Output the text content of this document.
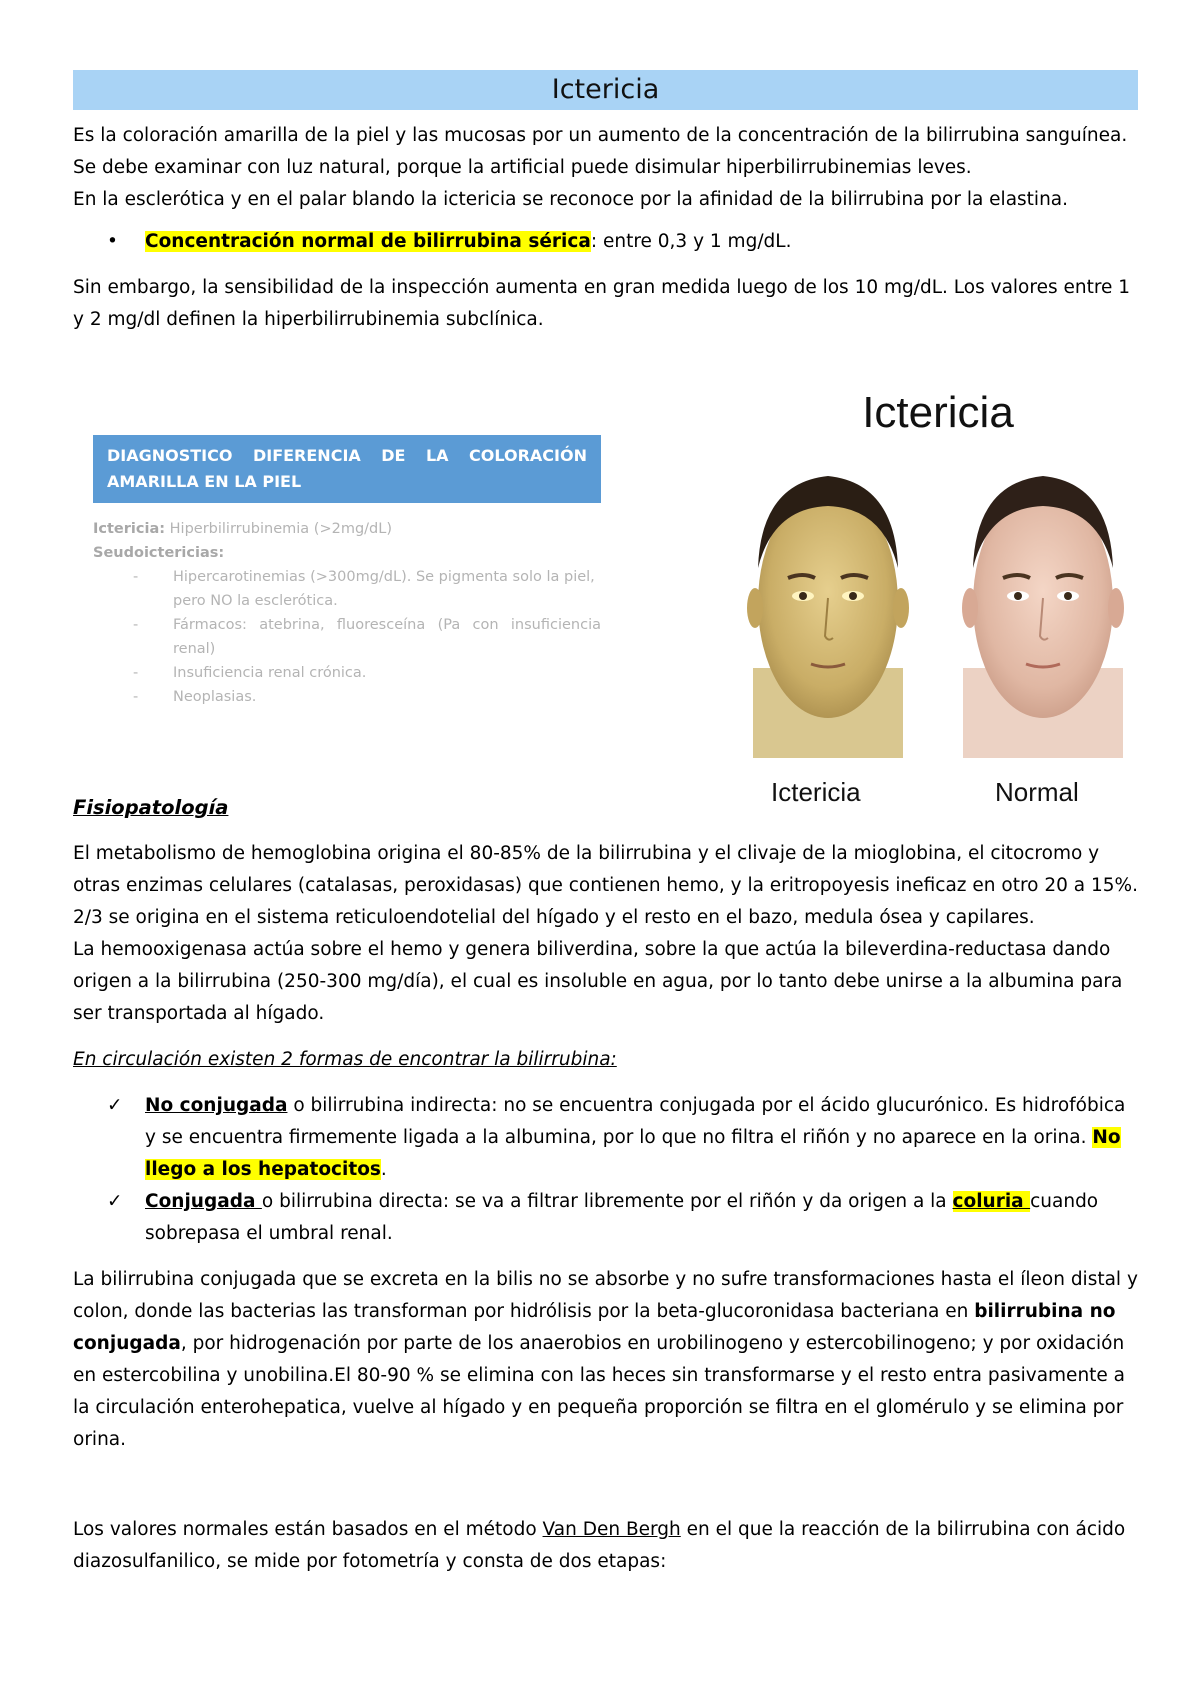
Ictericia

Es la coloración amarilla de la piel y las mucosas por un aumento de la concentración de la bilirrubina sanguínea. Se debe examinar con luz natural, porque la artificial puede disimular hiperbilirrubinemias leves.

En la esclerótica y en el palar blando la ictericia se reconoce por la afinidad de la bilirrubina por la elastina.

• Concentración normal de bilirrubina sérica: entre 0,3 y 1 mg/dL.

Sin embargo, la sensibilidad de la inspección aumenta en gran medida luego de los 10 mg/dL. Los valores entre 1 y 2 mg/dl definen la hiperbilirrubinemia subclínica.

DIAGNOSTICO DIFERENCIA DE LA COLORACIÓN AMARILLA EN LA PIEL
Ictericia: Hiperbilirrubinemia (>2mg/dL)
Seudoictericias:
- Hipercarotinemias (>300mg/dL). Se pigmenta solo la piel, pero NO la esclerótica.
- Fármacos: atebrina, fluoresceína (Pa con insuficiencia renal)
- Insuficiencia renal crónica.
- Neoplasias.
Ictericia
Ictericia	Normal

Fisiopatología

El metabolismo de hemoglobina origina el 80-85% de la bilirrubina y el clivaje de la mioglobina, el citocromo y otras enzimas celulares (catalasas, peroxidasas) que contienen hemo, y la eritropoyesis ineficaz en otro 20 a 15%. 2/3 se origina en el sistema reticuloendotelial del hígado y el resto en el bazo, medula ósea y capilares.

La hemooxigenasa actúa sobre el hemo y genera biliverdina, sobre la que actúa la bileverdina-reductasa dando origen a la bilirrubina (250-300 mg/día), el cual es insoluble en agua, por lo tanto debe unirse a la albumina para ser transportada al hígado.

En circulación existen 2 formas de encontrar la bilirrubina:

✓ No conjugada o bilirrubina indirecta: no se encuentra conjugada por el ácido glucurónico. Es hidrofóbica y se encuentra firmemente ligada a la albumina, por lo que no filtra el riñón y no aparece en la orina. No llego a los hepatocitos.
✓ Conjugada o bilirrubina directa: se va a filtrar libremente por el riñón y da origen a la coluria cuando sobrepasa el umbral renal.

La bilirrubina conjugada que se excreta en la bilis no se absorbe y no sufre transformaciones hasta el íleon distal y colon, donde las bacterias las transforman por hidrólisis por la beta-glucoronidasa bacteriana en bilirrubina no conjugada, por hidrogenación por parte de los anaerobios en urobilinogeno y estercobilinogeno; y por oxidación en estercobilina y unobilina.El 80-90 % se elimina con las heces sin transformarse y el resto entra pasivamente a la circulación enterohepatica, vuelve al hígado y en pequeña proporción se filtra en el glomérulo y se elimina por orina.

Los valores normales están basados en el método Van Den Bergh en el que la reacción de la bilirrubina con ácido diazosulfanilico, se mide por fotometría y consta de dos etapas:
